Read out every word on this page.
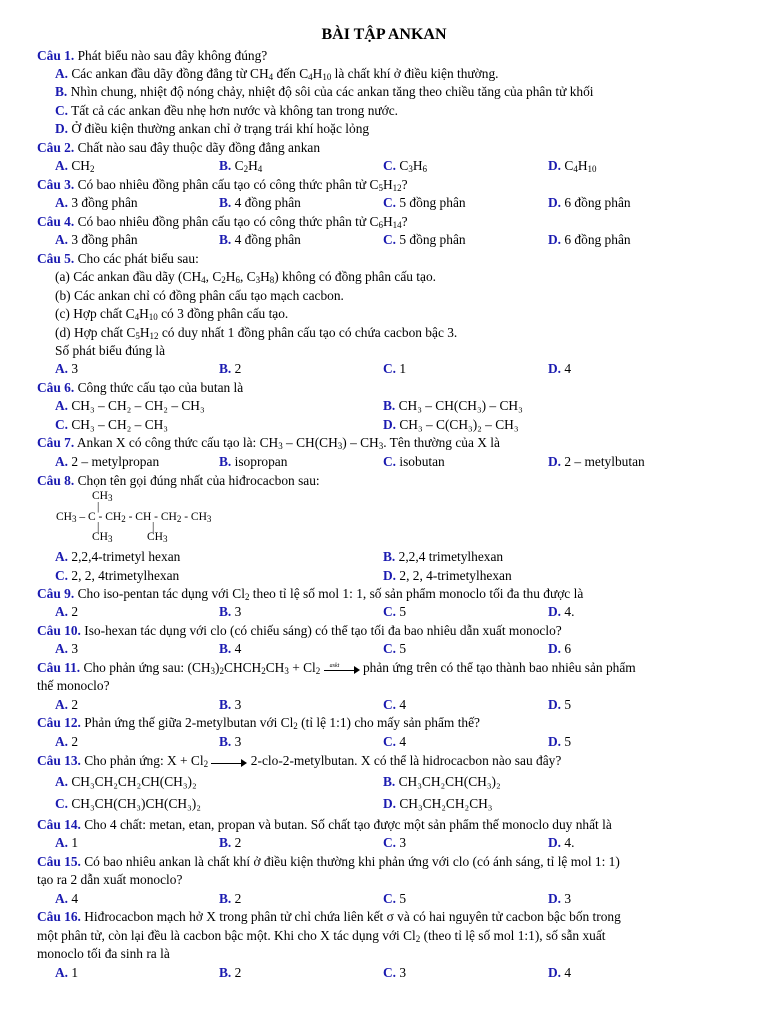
BÀI TẬP ANKAN
Câu 1. Phát biểu nào sau đây không đúng?
A. Các ankan đầu dãy đồng đẳng từ $CH_4$ đến $C_4H_{10}$ là chất khí ở điều kiện thường.
B. Nhìn chung, nhiệt độ nóng chảy, nhiệt độ sôi của các ankan tăng theo chiều tăng của phân tử khối
C. Tất cả các ankan đều nhẹ hơn nước và không tan trong nước.
D. Ở điều kiện thường ankan chỉ ở trạng trái khí hoặc lỏng
Câu 2. Chất nào sau đây thuộc dãy đồng đẳng ankan
A. $CH_2$	B. $C_2H_4$	C. $C_3H_6$	D. $C_4H_{10}$
Câu 3. Có bao nhiêu đồng phân cấu tạo có công thức phân tử $C_5H_{12}$?
A. 3 đồng phân	B. 4 đồng phân	C. 5 đồng phân	D. 6 đồng phân
Câu 4. Có bao nhiêu đồng phân cấu tạo có công thức phân tử $C_6H_{14}$?
A. 3 đồng phân	B. 4 đồng phân	C. 5 đồng phân	D. 6 đồng phân
Câu 5. Cho các phát biểu sau:
(a) Các ankan đầu dãy ($CH_4$, $C_2H_6$, $C_3H_8$) không có đồng phân cấu tạo.
(b) Các ankan chỉ có đồng phân cấu tạo mạch cacbon.
(c) Hợp chất $C_4H_{10}$ có 3 đồng phân cấu tạo.
(d) Hợp chất $C_5H_{12}$ có duy nhất 1 đồng phân cấu tạo có chứa cacbon bậc 3.
Số phát biểu đúng là
A. 3	B. 2	C. 1	D. 4
Câu 6. Công thức cấu tạo của butan là
A. CH₃ – CH₂ – CH₂ – CH₃	B. CH₃ – CH(CH₃) – CH₃
C. CH₃ – CH₂ – CH₃	D. CH₃ – C(CH₃)₂ – CH₃
Câu 7. Ankan X có công thức cấu tạo là: $CH_3 - CH(CH_3) - CH_3$. Tên thường của X là
A. 2 – metylpropan	B. isopropan	C. isobutan	D. 2 – metylbutan
Câu 8. Chọn tên gọi đúng nhất của hiđrocacbon sau:
$CH_3$
|
$CH_3$ – C - $CH_2$ - CH - $CH_2 - CH_3$
|	|
$CH_3$	$CH_3$
A. 2,2,4-trimetyl hexan	B. 2,2,4 trimetylhexan
C. 2, 2, 4trimetylhexan	D. 2, 2, 4-trimetylhexan
Câu 9. Cho iso-pentan tác dụng với $Cl_2$ theo tỉ lệ số mol 1: 1, số sản phẩm monoclo tối đa thu được là
A. 2	B. 3	C. 5	D. 4.
Câu 10. Iso-hexan tác dụng với clo (có chiếu sáng) có thể tạo tối đa bao nhiêu dẫn xuất monoclo?
A. 3	B. 4	C. 5	D. 6
Câu 11. Cho phản ứng sau: $(CH_3)_2CHCH_2CH_3 + Cl_2$
askt phản ứng trên có thể tạo thành bao nhiêu sản phẩm
thế monoclo?
A. 2	B. 3	C. 4	D. 5
Câu 12. Phản ứng thế giữa 2-metylbutan với $Cl_2$ (tỉ lệ 1:1) cho mấy sản phẩm thế?
A. 2	B. 3	C. 4	D. 5
Câu 13. Cho phản ứng: $X + Cl_2$	2-clo-2-metylbutan. X có thể là hidrocacbon nào sau đây?
A. CH₃CH₂CH₂CH(CH₃)₂	B. CH₃CH₂CH(CH₃)₂
C. CH₃CH(CH₃)CH(CH₃)₂	D. CH₃CH₂CH₂CH₃
Câu 14. Cho 4 chất: metan, etan, propan và butan. Số chất tạo được một sản phẩm thế monoclo duy nhất là
A. 1	B. 2	C. 3	D. 4.
Câu 15. Có bao nhiêu ankan là chất khí ở điều kiện thường khi phản ứng với clo (có ánh sáng, tỉ lệ mol 1: 1)
tạo ra 2 dẫn xuất monoclo?
A. 4	B. 2	C. 5	D. 3
Câu 16. Hiđrocacbon mạch hở X trong phân tử chỉ chứa liên kết σ và có hai nguyên tử cacbon bậc bốn trong
một phân tử, còn lại đều là cacbon bậc một. Khi cho X tác dụng với $Cl_2$ (theo tỉ lệ số mol 1:1), số sẫn xuất
monoclo tối đa sinh ra là
A. 1	B. 2	C. 3	D. 4
